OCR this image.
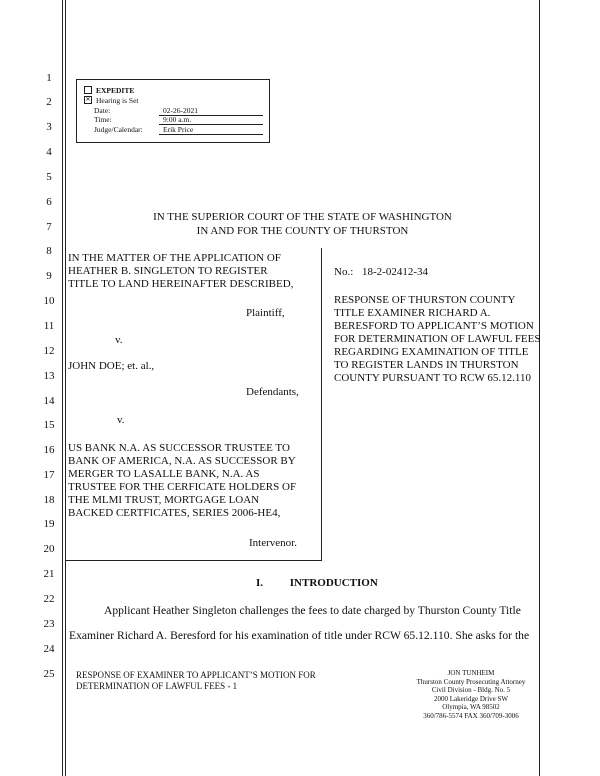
1
2
3
4
5
6
7
8
9
10
11
12
13
14
15
16
17
18
19
20
21
22
23
24
25
EXPEDITE
✕ Hearing is Set
Date:	02-26-2021
Time:	9:00 a.m.
Judge/Calendar:	Erik Price
IN THE SUPERIOR COURT OF THE STATE OF WASHINGTON
IN AND FOR THE COUNTY OF THURSTON
IN THE MATTER OF THE APPLICATION OF
HEATHER B. SINGLETON TO REGISTER
TITLE TO LAND HEREINAFTER DESCRIBED,
Plaintiff,
v.
JOHN DOE; et. al.,
Defendants,
v.
US BANK N.A. AS SUCCESSOR TRUSTEE TO
BANK OF AMERICA, N.A. AS SUCCESSOR BY
MERGER TO LASALLE BANK, N.A. AS
TRUSTEE FOR THE CERFICATE HOLDERS OF
THE MLMI TRUST, MORTGAGE LOAN
BACKED CERTFICATES, SERIES 2006-HE4,
Intervenor.
No.: 18-2-02412-34
RESPONSE OF THURSTON COUNTY
TITLE EXAMINER RICHARD A.
BERESFORD TO APPLICANT’S MOTION
FOR DETERMINATION OF LAWFUL FEES
REGARDING EXAMINATION OF TITLE
TO REGISTER LANDS IN THURSTON
COUNTY PURSUANT TO RCW 65.12.110
I. INTRODUCTION
Applicant Heather Singleton challenges the fees to date charged by Thurston County Title
Examiner Richard A. Beresford for his examination of title under RCW 65.12.110. She asks for the
RESPONSE OF EXAMINER TO APPLICANT’S MOTION FOR
DETERMINATION OF LAWFUL FEES - 1
JON TUNHEIM
Thurston County Prosecuting Attorney
Civil Division - Bldg. No. 5
2000 Lakeridge Drive SW
Olympia, WA 98502
360/786-5574 FAX 360/709-3006
